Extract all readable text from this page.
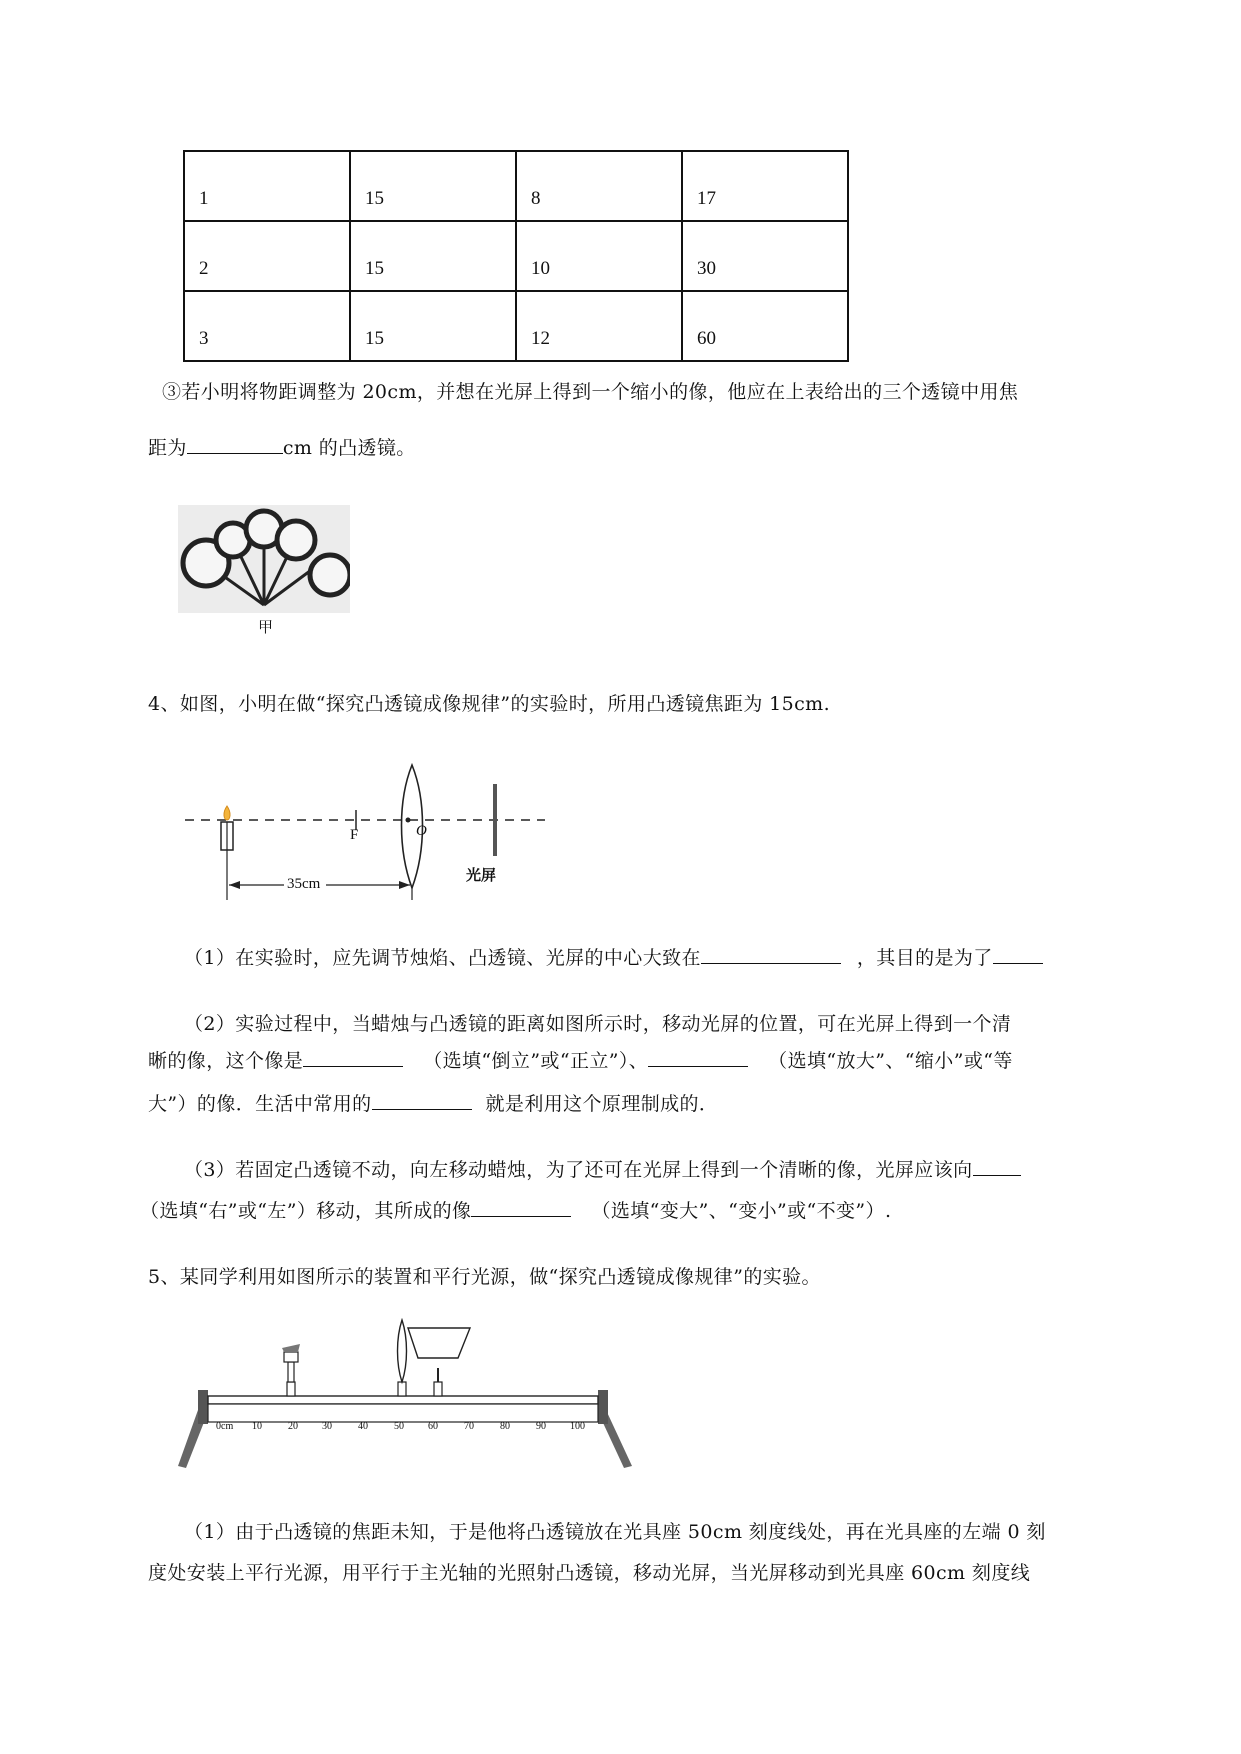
1	15	8	17
2	15	10	30
3	15	12	60
③若小明将物距调整为 20cm，并想在光屏上得到一个缩小的像，他应在上表给出的三个透镜中用焦
距为	cm 的凸透镜。
甲
4、如图，小明在做“探究凸透镜成像规律”的实验时，所用凸透镜焦距为 15cm.
F	O
35cm	光屏
（1）在实验时，应先调节烛焰、凸透镜、光屏的中心大致在	，其目的是为了
（2）实验过程中，当蜡烛与凸透镜的距离如图所示时，移动光屏的位置，可在光屏上得到一个清
晰的像，这个像是	（选填“倒立”或“正立”）、	（选填“放大”、“缩小”或“等
大”）的像．生活中常用的	就是利用这个原理制成的．
（3）若固定凸透镜不动，向左移动蜡烛，为了还可在光屏上得到一个清晰的像，光屏应该向
（选填“右”或“左”）移动，其所成的像	（选填“变大”、“变小”或“不变”）.
5、某同学利用如图所示的装置和平行光源，做“探究凸透镜成像规律”的实验。
0cm 10	20 30	40	50 60	70	80	90 100
（1）由于凸透镜的焦距未知，于是他将凸透镜放在光具座 50cm 刻度线处，再在光具座的左端 0 刻
度处安装上平行光源，用平行于主光轴的光照射凸透镜，移动光屏，当光屏移动到光具座 60cm 刻度线
